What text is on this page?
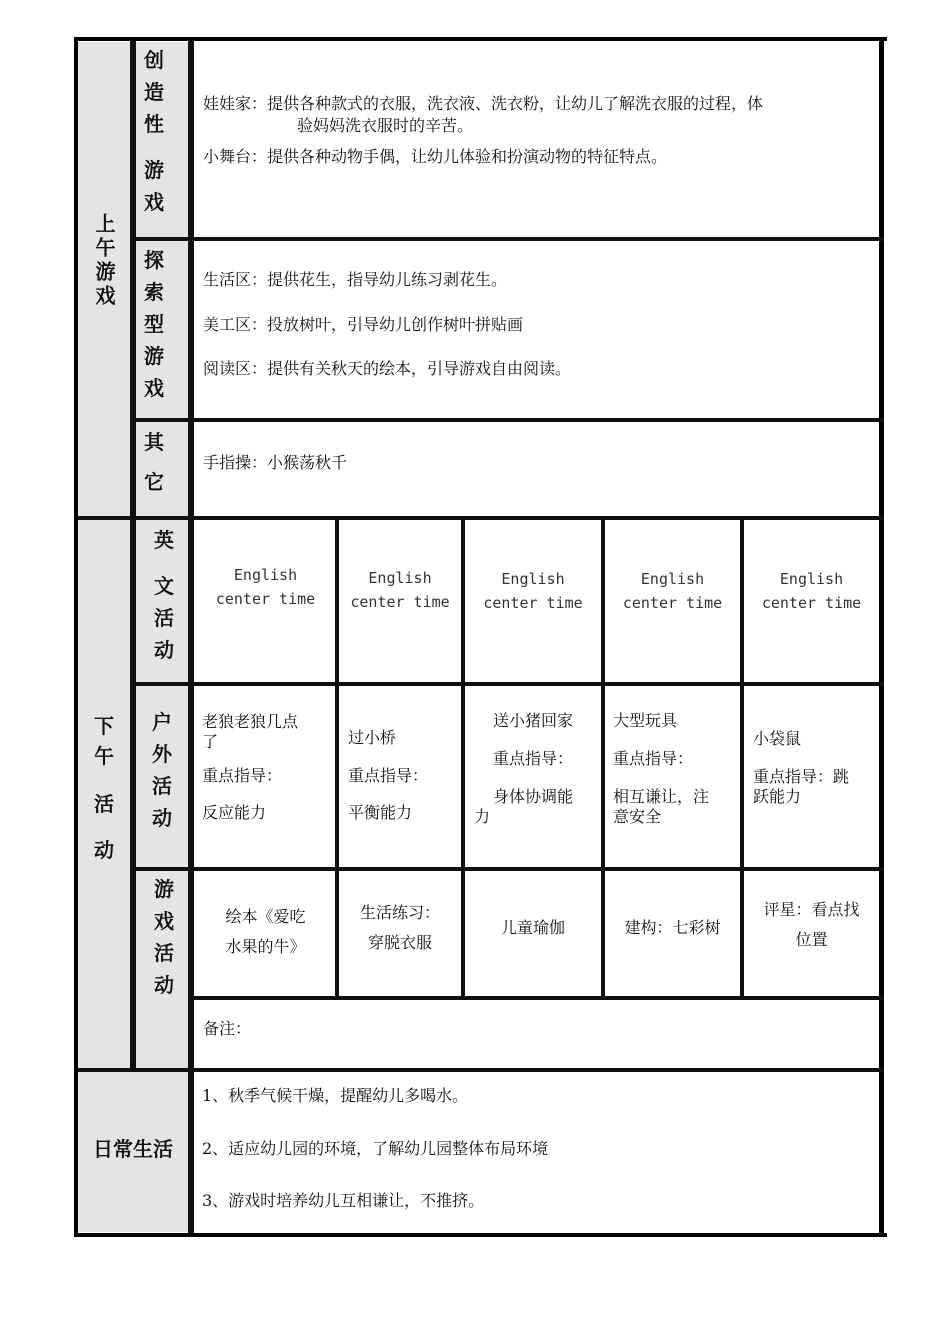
上午游戏
创
造
性
游
戏

娃娃家：提供各种款式的衣服，洗衣液、洗衣粉，让幼儿了解洗衣服的过程，体

验妈妈洗衣服时的辛苦。

小舞台：提供各种动物手偶，让幼儿体验和扮演动物的特征特点。

探
索
型
游
戏

生活区：提供花生，指导幼儿练习剥花生。

美工区：投放树叶，引导幼儿创作树叶拼贴画

阅读区：提供有关秋天的绘本，引导游戏自由阅读。

其
它

手指操：小猴荡秋千

下
午
活
动
英
文
活
动

English

center time

English

center time

English

center time

English

center time

English

center time

户
外
活
动

老狼老狼几点

了

重点指导：

反应能力

过小桥

重点指导：

平衡能力

送小猪回家

重点指导：

身体协调能

力

大型玩具

重点指导：

相互谦让，注

意安全

小袋鼠

重点指导：跳

跃能力

游
戏
活
动

绘本《爱吃

水果的牛》

生活练习：

穿脱衣服

儿童瑜伽	建构：七彩树

评星：看点找

位置

备注：

日常生活

1、秋季气候干燥，提醒幼儿多喝水。

2、适应幼儿园的环境，了解幼儿园整体布局环境

3、游戏时培养幼儿互相谦让，不推挤。
